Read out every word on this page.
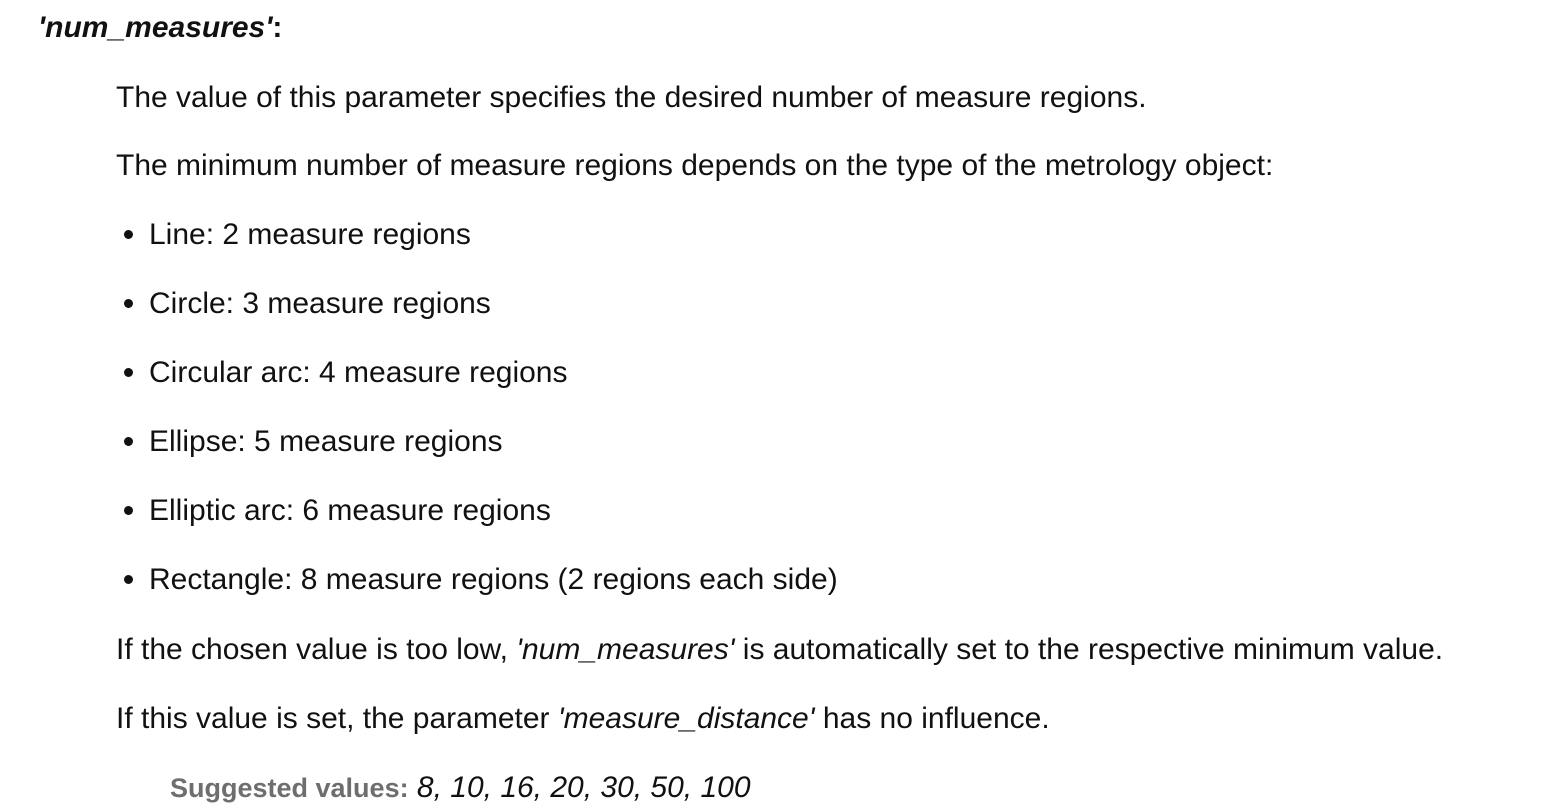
'num_measures':

The value of this parameter specifies the desired number of measure regions.

The minimum number of measure regions depends on the type of the metrology object:

Line: 2 measure regions
Circle: 3 measure regions
Circular arc: 4 measure regions
Ellipse: 5 measure regions
Elliptic arc: 6 measure regions
Rectangle: 8 measure regions (2 regions each side)

If the chosen value is too low, 'num_measures' is automatically set to the respective minimum value.

If this value is set, the parameter 'measure_distance' has no influence.

Suggested values: 8, 10, 16, 20, 30, 50, 100
